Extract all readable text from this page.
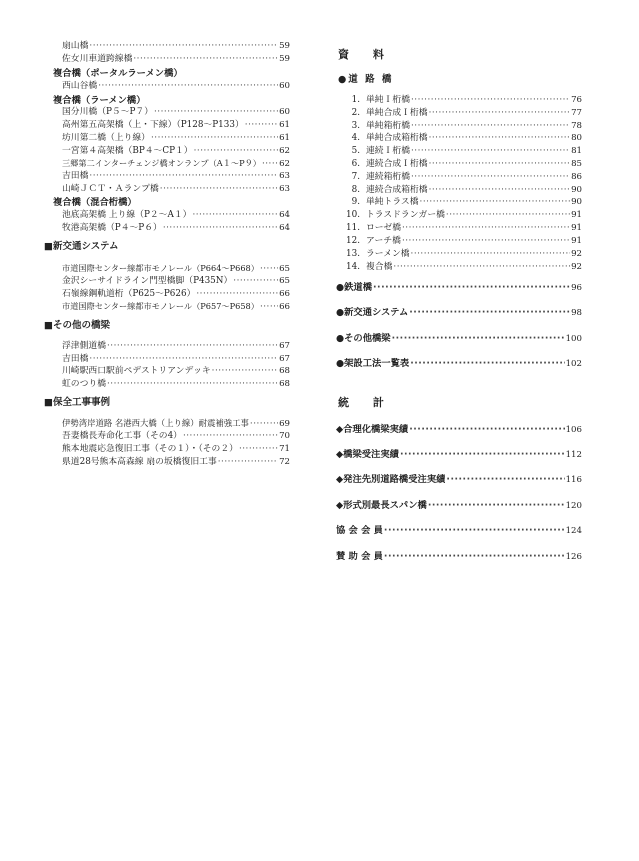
扇山橋 ·····	59
佐女川車道跨線橋 ·····	59
複合橋（ポータルラーメン橋）
西山谷橋 ·····	60
複合橋（ラーメン橋）
国分川橋（P５～P７） ·····	60
高州第五高架橋（上・下線）（P128～P133） ·····	61
坊川第二橋（上り線） ·····	61
一宮第４高架橋（BP４～CP１） ·····	62
三郷第二インターチェンジ橋オンランプ（A１～P９） ····· 62
吉田橋 ·····	63
山崎ＪＣＴ・Ａランプ橋 ·····	63
複合橋（混合桁橋）
池底高架橋 上り線（P２～A１） ·····	64
牧港高架橋（P４～P６） ·····	64
■新交通システム
市道国際センター線都市モノレール（P664～P668） ····· 65
金沢シーサイドライン門型橋脚（P435N） ·····	65
石嶺線鋼軌道桁（P625～P626） ·····	66
市道国際センター線都市モノレール（P657～P658） ····· 66
■その他の橋梁
浮津側道橋 ·····	67
吉田橋 ·····	67
川崎駅西口駅前ペデストリアンデッキ ·····	68
虹のつり橋 ·····	68
■保全工事事例
伊勢湾岸道路 名港西大橋（上り線）耐震補強工事 ·····	69
吾妻橋長寿命化工事（その4） ·····	70
熊本地震応急復旧工事（その１）・（その２） ·····	71
県道28号熊本高森線 扇の坂橋復旧工事 ·····	72
資 料
●道 路 橋
1. 単純Ｉ桁橋 ·····	76
2. 単純合成Ｉ桁橋 ·····	77
3. 単純箱桁橋 ·····	78
4. 単純合成箱桁橋 ·····	80
5. 連続Ｉ桁橋 ·····	81
6. 連続合成Ｉ桁橋 ·····	85
7. 連続箱桁橋 ·····	86
8. 連続合成箱桁橋 ·····	90
9. 単純トラス橋 ·····	90
10. トラスドランガー橋 ·····	91
11. ローゼ橋 ·····	91
12. アーチ橋 ·····	91
13. ラーメン橋 ·····	92
14. 複合橋 ·····	92
●鉄道橋 ·····	96
●新交通システム ·····	98
●その他橋梁 ·····	100
●架設工法一覧表 ·····	102
統 計
◆合理化橋梁実績 ·····	106
◆橋梁受注実績 ·····	112
◆発注先別道路橋受注実績 ·····	116
◆形式別最長スパン橋 ·····	120
協 会 会 員 ·····	124
賛 助 会 員 ·····	126
